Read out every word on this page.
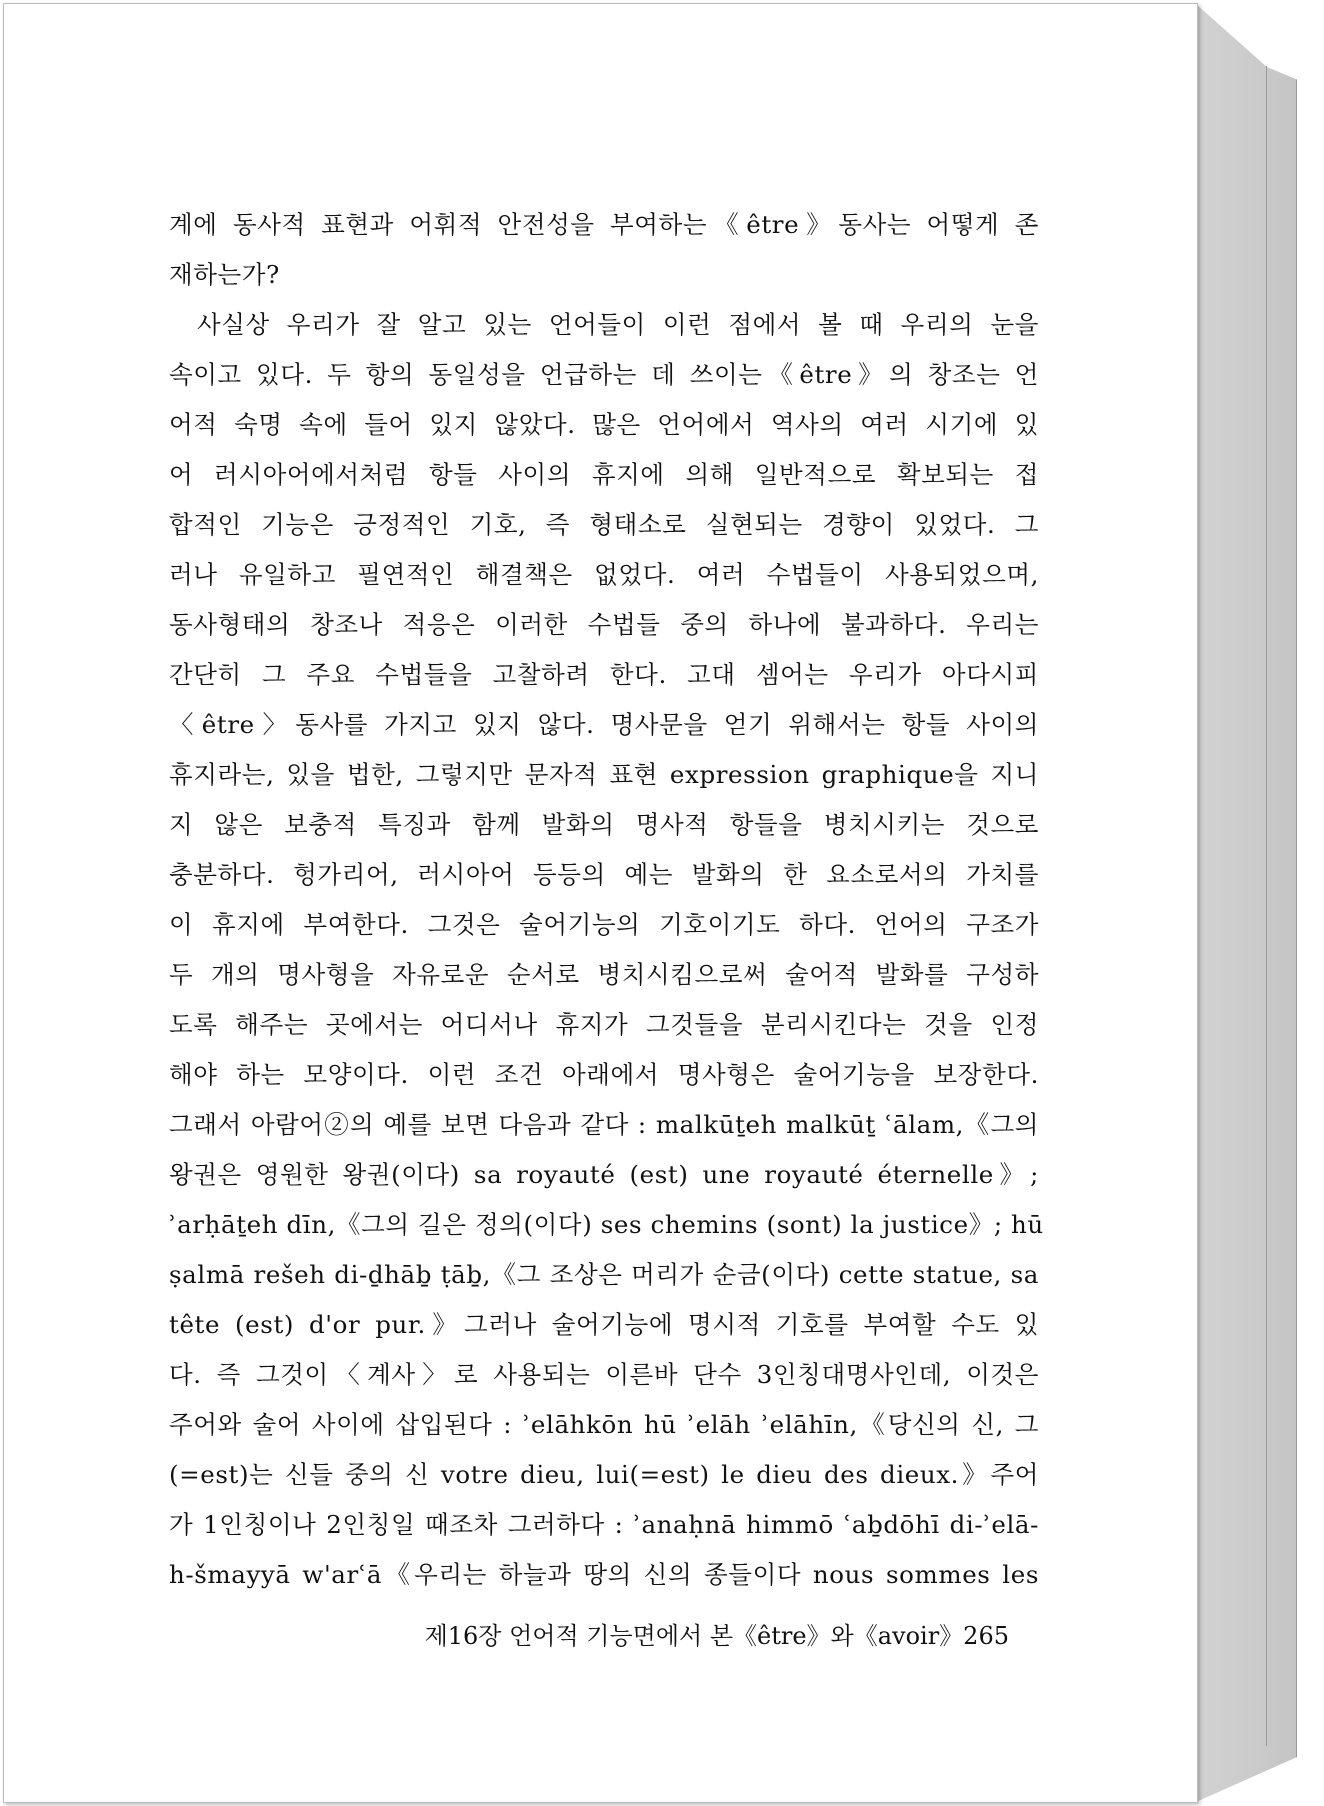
계에 동사적 표현과 어휘적 안전성을 부여하는《être》동사는 어떻게 존
재하는가?
사실상 우리가 잘 알고 있는 언어들이 이런 점에서 볼 때 우리의 눈을
속이고 있다. 두 항의 동일성을 언급하는 데 쓰이는《être》의 창조는 언
어적 숙명 속에 들어 있지 않았다. 많은 언어에서 역사의 여러 시기에 있
어 러시아어에서처럼 항들 사이의 휴지에 의해 일반적으로 확보되는 접
합적인 기능은 긍정적인 기호, 즉 형태소로 실현되는 경향이 있었다. 그
러나 유일하고 필연적인 해결책은 없었다. 여러 수법들이 사용되었으며,
동사형태의 창조나 적응은 이러한 수법들 중의 하나에 불과하다. 우리는
간단히 그 주요 수법들을 고찰하려 한다. 고대 셈어는 우리가 아다시피
〈être〉동사를 가지고 있지 않다. 명사문을 얻기 위해서는 항들 사이의
휴지라는, 있을 법한, 그렇지만 문자적 표현 expression graphique을 지니
지 않은 보충적 특징과 함께 발화의 명사적 항들을 병치시키는 것으로
충분하다. 헝가리어, 러시아어 등등의 예는 발화의 한 요소로서의 가치를
이 휴지에 부여한다. 그것은 술어기능의 기호이기도 하다. 언어의 구조가
두 개의 명사형을 자유로운 순서로 병치시킴으로써 술어적 발화를 구성하
도록 해주는 곳에서는 어디서나 휴지가 그것들을 분리시킨다는 것을 인정
해야 하는 모양이다. 이런 조건 아래에서 명사형은 술어기능을 보장한다.
그래서 아람어②의 예를 보면 다음과 같다 : malkūṯeh malkūṯ ʿālam,《그의
왕권은 영원한 왕권(이다) sa royauté (est) une royauté éternelle》;
ʾarḥāṯeh dīn,《그의 길은 정의(이다) ses chemins (sont) la justice》; hū
ṣalmā rešeh di-ḏhāḇ ṭāḇ,《그 조상은 머리가 순금(이다) cette statue, sa
tête (est) d'or pur.》그러나 술어기능에 명시적 기호를 부여할 수도 있
다. 즉 그것이〈계사〉로 사용되는 이른바 단수 3인칭대명사인데, 이것은
주어와 술어 사이에 삽입된다 : ʾelāhkōn hū ʾelāh ʾelāhīn,《당신의 신, 그
(=est)는 신들 중의 신 votre dieu, lui(=est) le dieu des dieux.》주어
가 1인칭이나 2인칭일 때조차 그러하다 : ʾanaḥnā himmō ʿaḇdōhī di-ʾelā-
h-šmayyā w'arʿā《우리는 하늘과 땅의 신의 종들이다 nous sommes les
제16장 언어적 기능면에서 본《être》와《avoir》265
